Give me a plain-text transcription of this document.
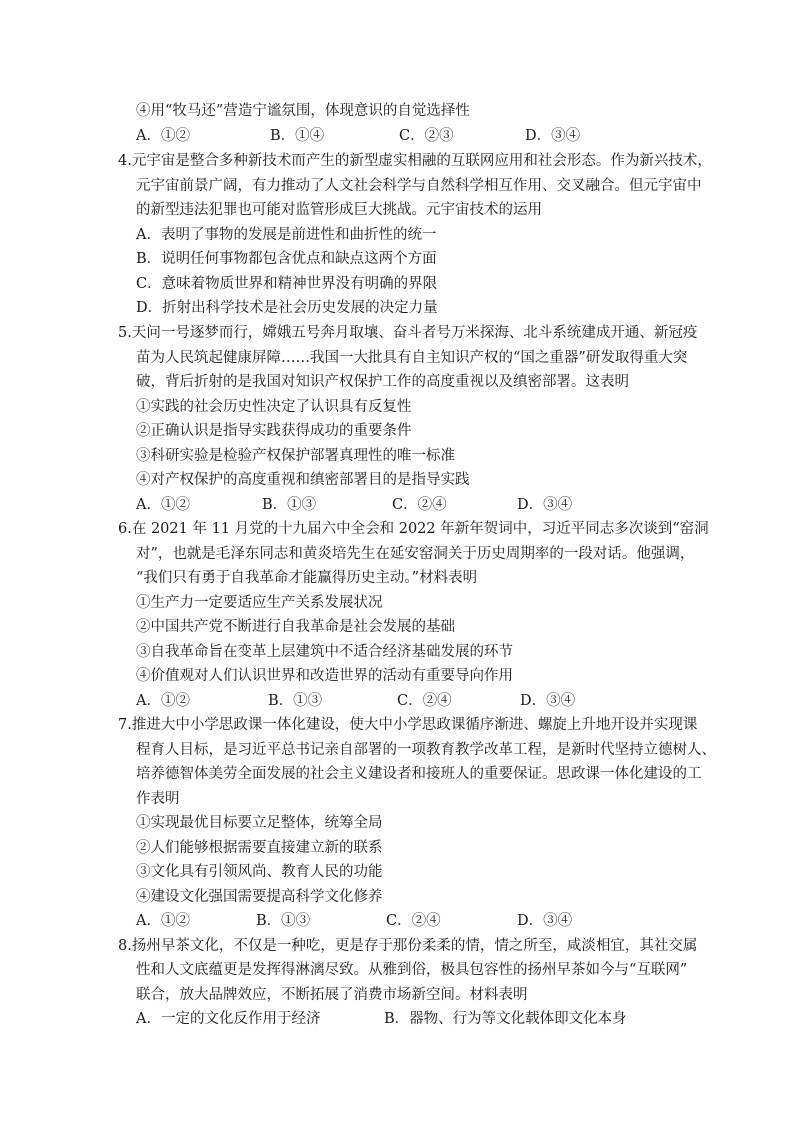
④用“牧马还”营造宁谧氛围，体现意识的自觉选择性
A．①②	B．①④	C．②③	D．③④
4.元宇宙是整合多种新技术而产生的新型虚实相融的互联网应用和社会形态。作为新兴技术，
元宇宙前景广阔，有力推动了人文社会科学与自然科学相互作用、交叉融合。但元宇宙中
的新型违法犯罪也可能对监管形成巨大挑战。元宇宙技术的运用
A．表明了事物的发展是前进性和曲折性的统一
B．说明任何事物都包含优点和缺点这两个方面
C．意味着物质世界和精神世界没有明确的界限
D．折射出科学技术是社会历史发展的决定力量
5.天问一号逐梦而行，嫦娥五号奔月取壤、奋斗者号万米探海、北斗系统建成开通、新冠疫
苗为人民筑起健康屏障……我国一大批具有自主知识产权的“国之重器”研发取得重大突
破，背后折射的是我国对知识产权保护工作的高度重视以及缜密部署。这表明
①实践的社会历史性决定了认识具有反复性
②正确认识是指导实践获得成功的重要条件
③科研实验是检验产权保护部署真理性的唯一标准
④对产权保护的高度重视和缜密部署目的是指导实践
A．①②	B．①③	C．②④	D．③④
6.在 2021 年 11 月党的十九届六中全会和 2022 年新年贺词中，习近平同志多次谈到“窑洞
对”，也就是毛泽东同志和黄炎培先生在延安窑洞关于历史周期率的一段对话。他强调，
“我们只有勇于自我革命才能赢得历史主动。”材料表明
①生产力一定要适应生产关系发展状况
②中国共产党不断进行自我革命是社会发展的基础
③自我革命旨在变革上层建筑中不适合经济基础发展的环节
④价值观对人们认识世界和改造世界的活动有重要导向作用
A．①②	B．①③	C．②④	D．③④
7.推进大中小学思政课一体化建设，使大中小学思政课循序渐进、螺旋上升地开设并实现课
程育人目标，是习近平总书记亲自部署的一项教育教学改革工程，是新时代坚持立德树人、
培养德智体美劳全面发展的社会主义建设者和接班人的重要保证。思政课一体化建设的工
作表明
①实现最优目标要立足整体，统筹全局
②人们能够根据需要直接建立新的联系
③文化具有引领风尚、教育人民的功能
④建设文化强国需要提高科学文化修养
A．①②	B．①③	C．②④	D．③④
8.扬州早茶文化，不仅是一种吃，更是存于那份柔柔的情，情之所至，咸淡相宜，其社交属
性和人文底蕴更是发挥得淋漓尽致。从雅到俗，极具包容性的扬州早茶如今与“互联网”
联合，放大品牌效应，不断拓展了消费市场新空间。材料表明
A．一定的文化反作用于经济	B．器物、行为等文化载体即文化本身
